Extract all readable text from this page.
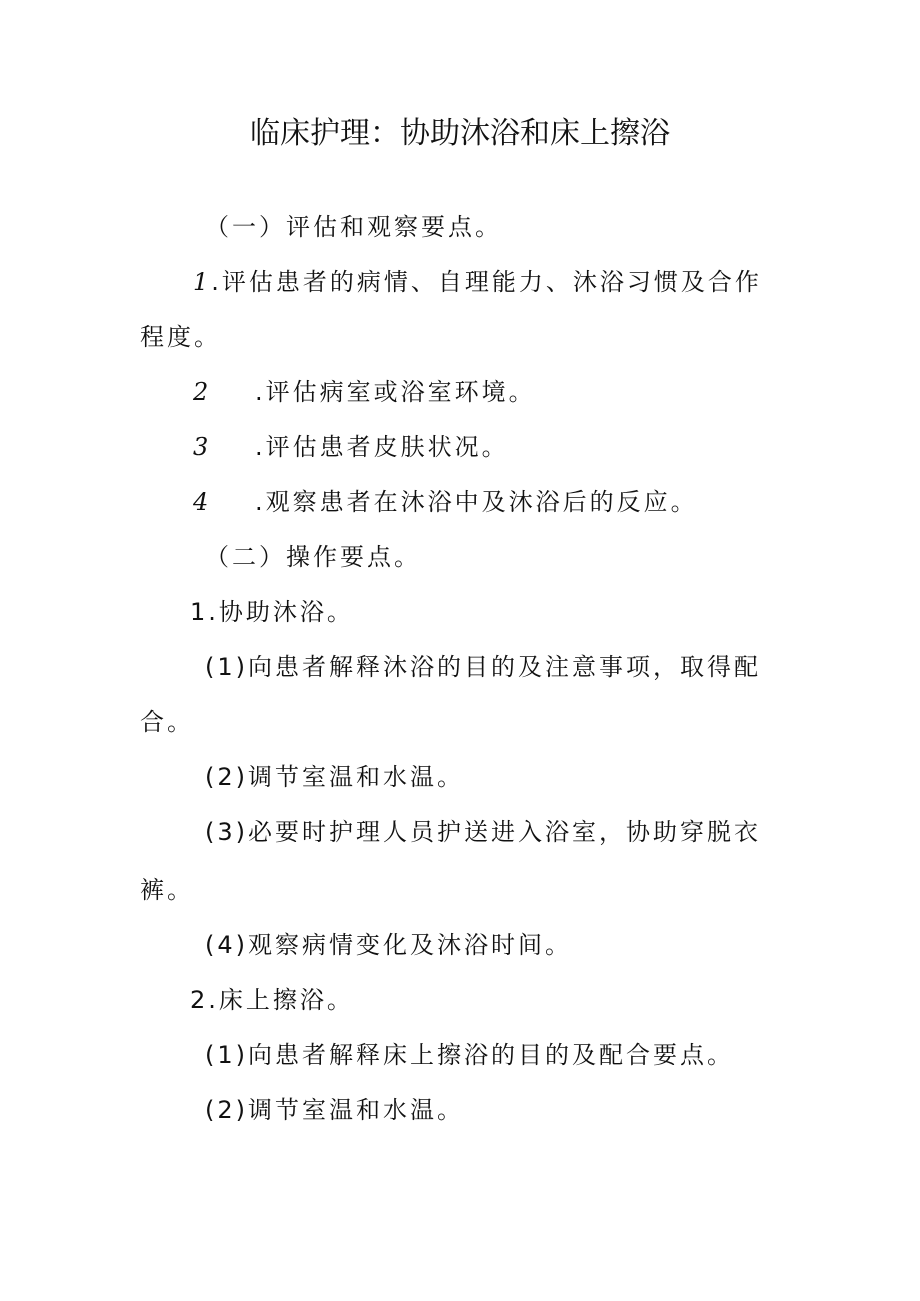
临床护理：协助沐浴和床上擦浴
（一）评估和观察要点。
1.评估患者的病情、自理能力、沐浴习惯及合作
程度。
2 .评估病室或浴室环境。
3 .评估患者皮肤状况。
4 .观察患者在沐浴中及沐浴后的反应。
（二）操作要点。
1.协助沐浴。
(1)向患者解释沐浴的目的及注意事项，取得配
合。
(2)调节室温和水温。
(3)必要时护理人员护送进入浴室，协助穿脱衣
裤。
(4)观察病情变化及沐浴时间。
2.床上擦浴。
(1)向患者解释床上擦浴的目的及配合要点。
(2)调节室温和水温。
